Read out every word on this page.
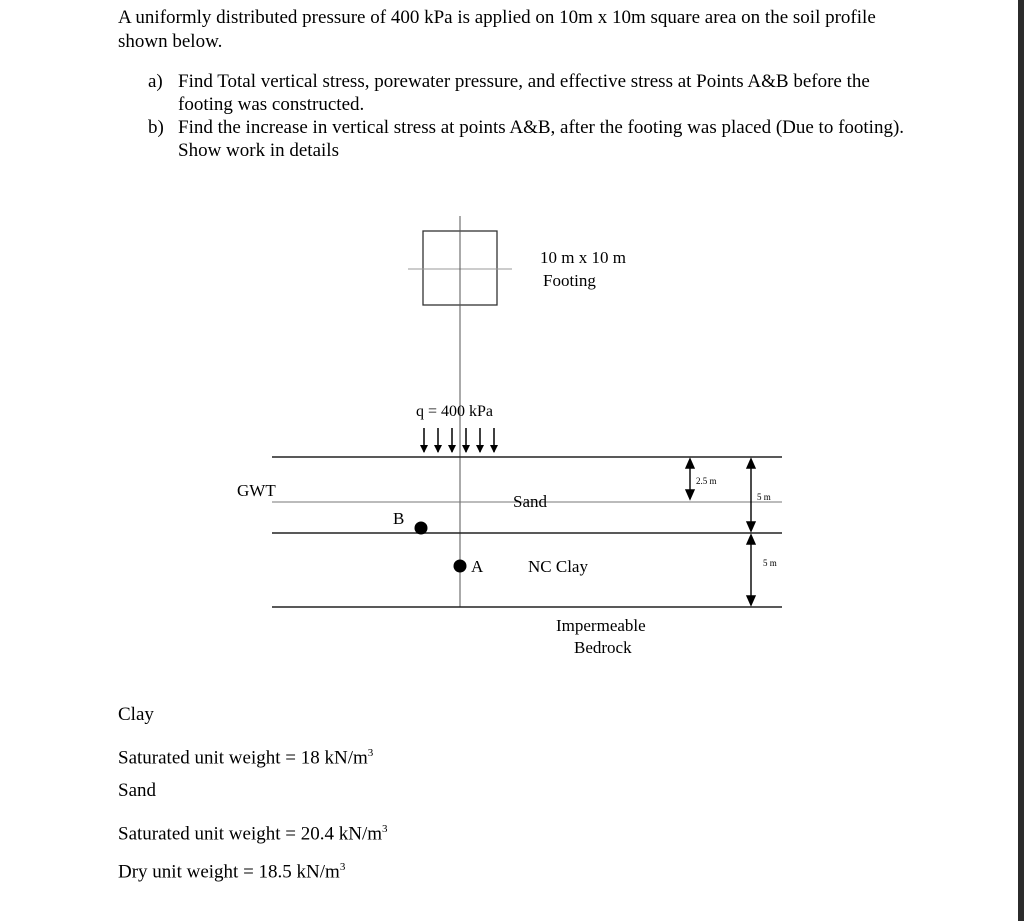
A uniformly distributed pressure of 400 kPa is applied on 10m x 10m square area on the soil profile shown below.
a) Find Total vertical stress, porewater pressure, and effective stress at Points A&B before the footing was constructed.
b) Find the increase in vertical stress at points A&B, after the footing was placed (Due to footing). Show work in details
10 m x 10 m
Footing
q = 400 kPa
GWT
Sand
NC Clay
B
A
2.5 m
5 m
5 m
Impermeable
Bedrock
Clay
Saturated unit weight = 18 $kN/m^3$
Sand
Saturated unit weight = 20.4 $kN/m^3$
Dry unit weight = 18.5 $kN/m^3$
